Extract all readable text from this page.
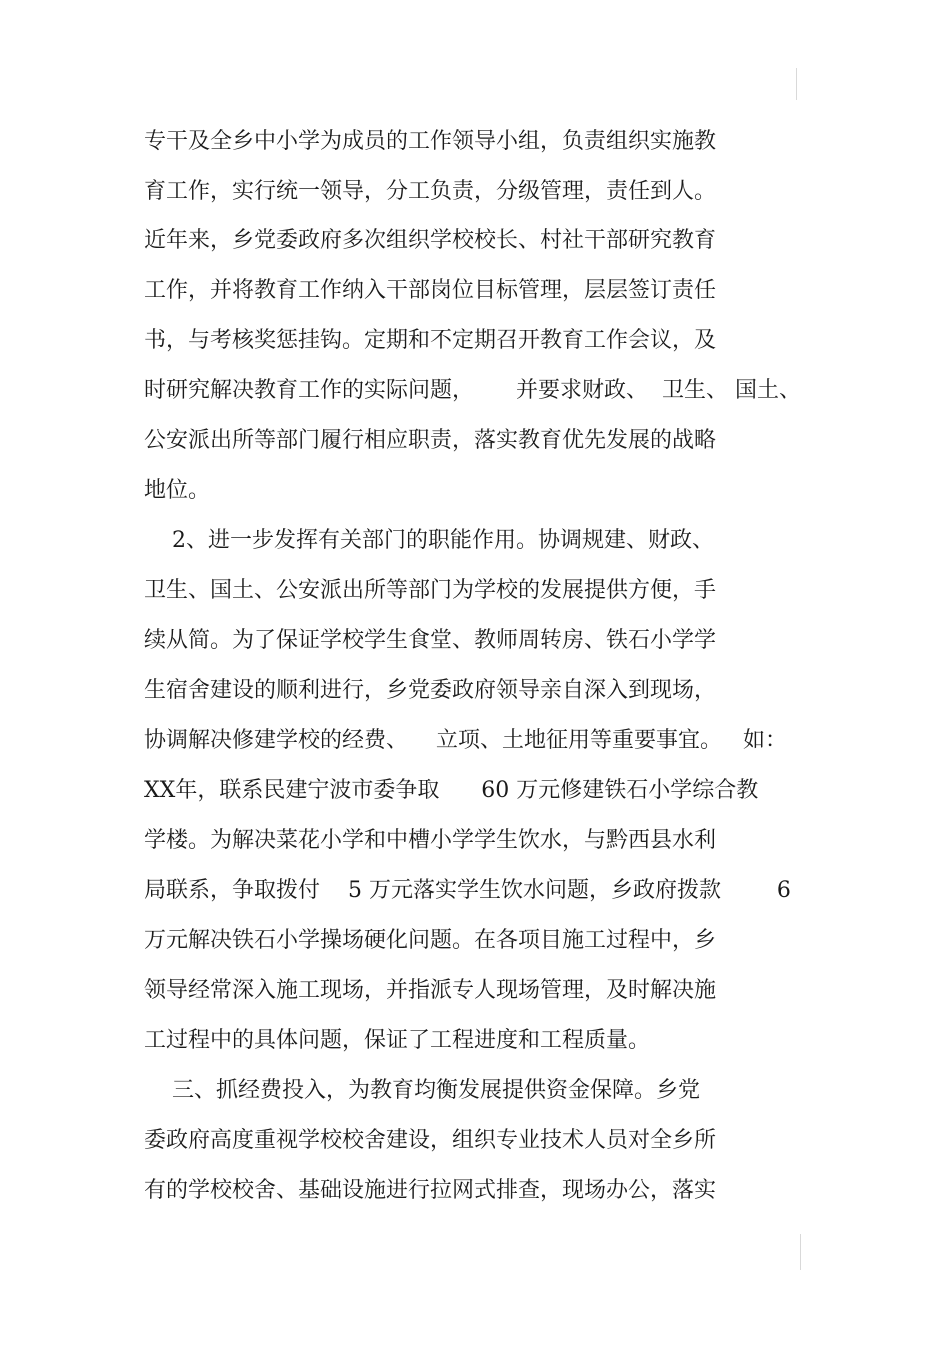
专干及全乡中小学为成员的工作领导小组，负责组织实施教

育工作，实行统一领导，分工负责，分级管理，责任到人。

近年来，乡党委政府多次组织学校校长、村社干部研究教育

工作，并将教育工作纳入干部岗位目标管理，层层签订责任

书，与考核奖惩挂钩。定期和不定期召开教育工作会议，及

时研究解决教育工作的实际问题，      并要求财政、  卫生、 国土、

公安派出所等部门履行相应职责，落实教育优先发展的战略

地位。

2、进一步发挥有关部门的职能作用。协调规建、财政、

卫生、国土、公安派出所等部门为学校的发展提供方便，手

续从简。为了保证学校学生食堂、教师周转房、铁石小学学

生宿舍建设的顺利进行，乡党委政府领导亲自深入到现场，

协调解决修建学校的经费、    立项、土地征用等重要事宜。   如：

XX年，联系民建宁波市委争取      60 万元修建铁石小学综合教

学楼。为解决菜花小学和中槽小学学生饮水，与黔西县水利

局联系，争取拨付    5 万元落实学生饮水问题，乡政府拨款        6

万元解决铁石小学操场硬化问题。在各项目施工过程中，乡

领导经常深入施工现场，并指派专人现场管理，及时解决施

工过程中的具体问题，保证了工程进度和工程质量。

三、抓经费投入，为教育均衡发展提供资金保障。乡党

委政府高度重视学校校舍建设，组织专业技术人员对全乡所

有的学校校舍、基础设施进行拉网式排查，现场办公，落实
